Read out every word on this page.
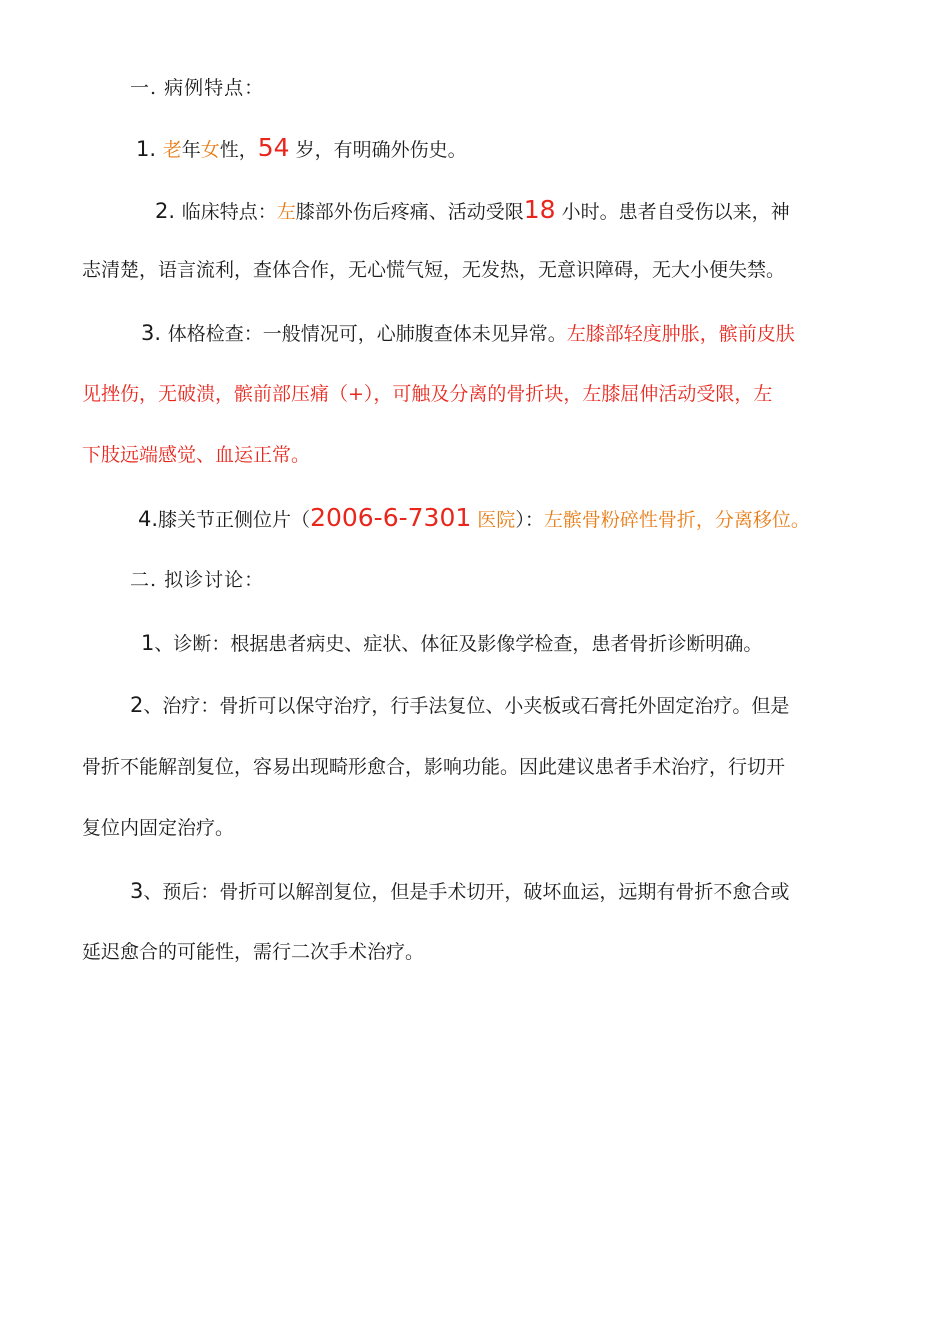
一. 病例特点：
1. 老年女性，54 岁，有明确外伤史。
2. 临床特点：左膝部外伤后疼痛、活动受限18 小时。患者自受伤以来，神
志清楚，语言流利，查体合作，无心慌气短，无发热，无意识障碍，无大小便失禁。
3. 体格检查：一般情况可，心肺腹查体未见异常。左膝部轻度肿胀，髌前皮肤
见挫伤，无破溃，髌前部压痛（+），可触及分离的骨折块，左膝屈伸活动受限，左
下肢远端感觉、血运正常。
4.膝关节正侧位片（2006-6-7301 医院）：左髌骨粉碎性骨折，分离移位。
二. 拟诊讨论：
1、诊断：根据患者病史、症状、体征及影像学检查，患者骨折诊断明确。
2、治疗：骨折可以保守治疗，行手法复位、小夹板或石膏托外固定治疗。但是
骨折不能解剖复位，容易出现畸形愈合，影响功能。因此建议患者手术治疗，行切开
复位内固定治疗。
3、预后：骨折可以解剖复位，但是手术切开，破坏血运，远期有骨折不愈合或
延迟愈合的可能性，需行二次手术治疗。
